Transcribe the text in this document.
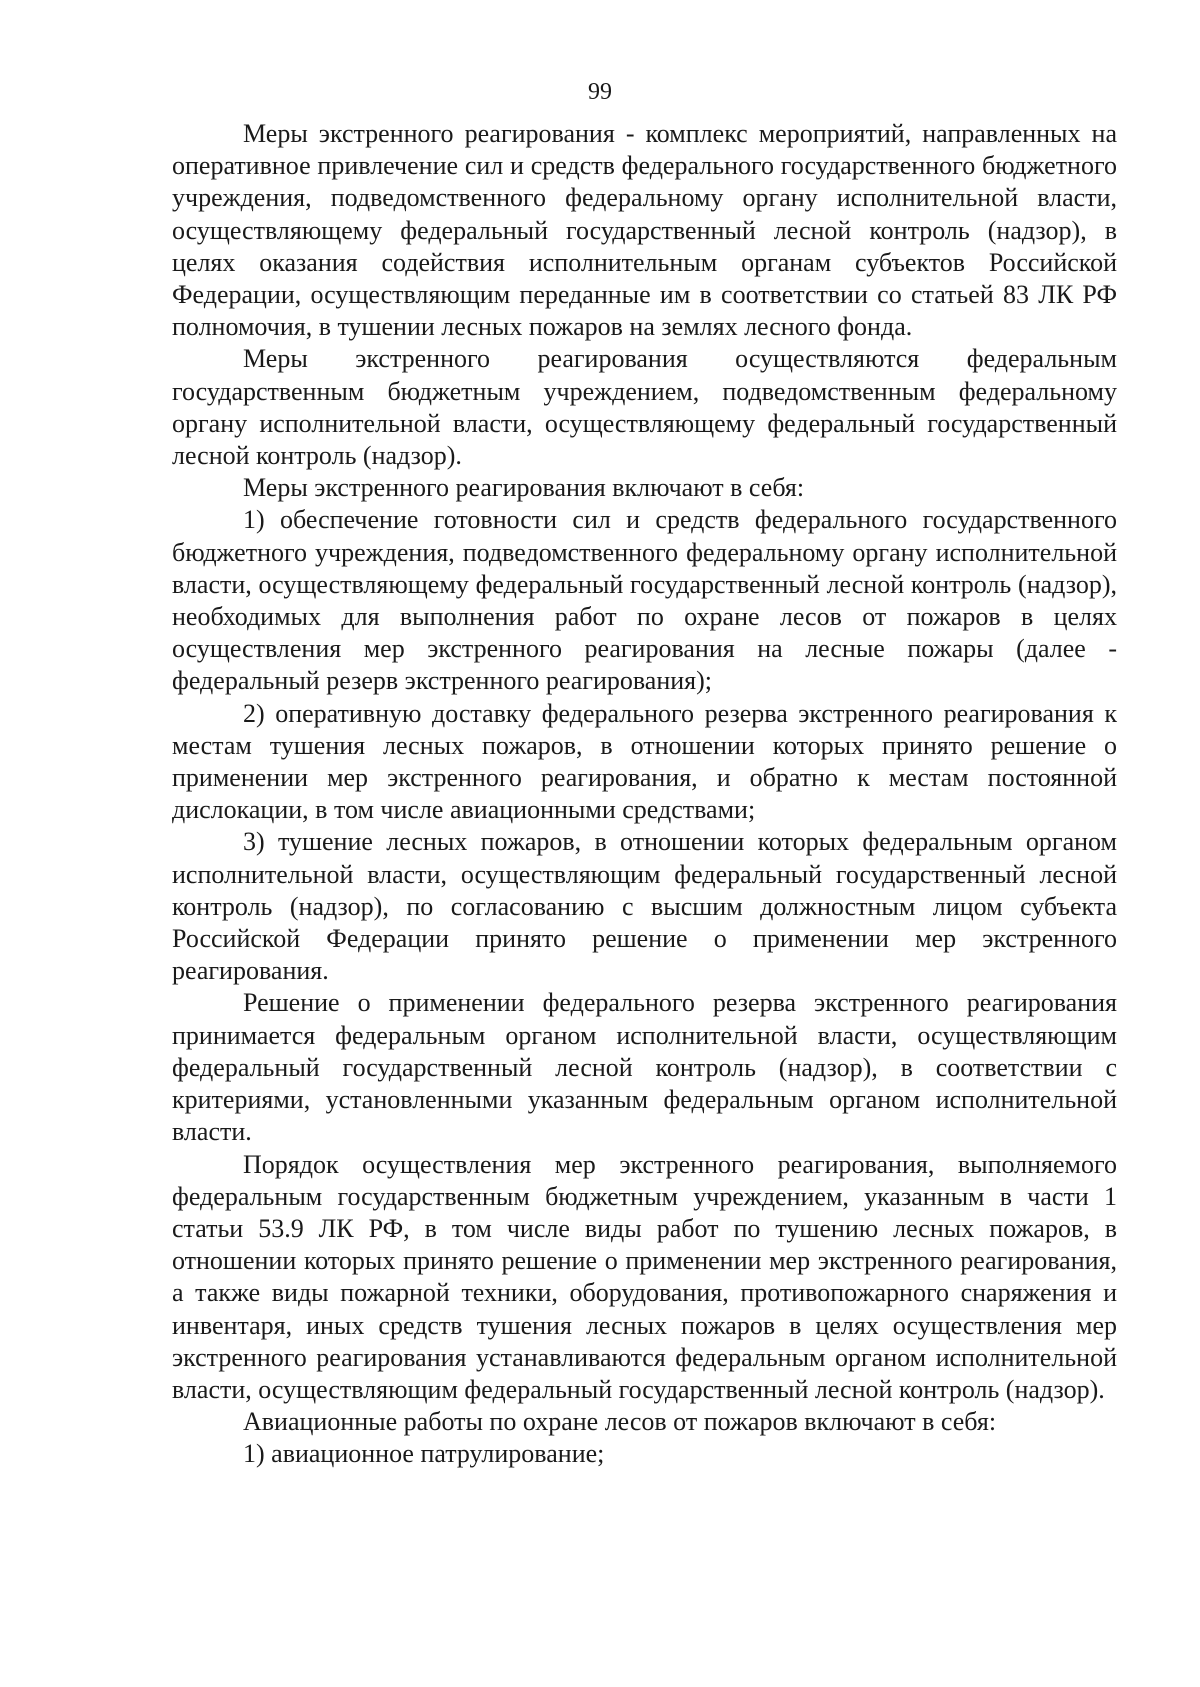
99

Меры экстренного реагирования - комплекс мероприятий, направленных на оперативное привлечение сил и средств федерального государственного бюджетного учреждения, подведомственного федеральному органу исполнительной власти, осуществляющему федеральный государственный лесной контроль (надзор), в целях оказания содействия исполнительным органам субъектов Российской Федерации, осуществляющим переданные им в соответствии со статьей 83 ЛК РФ полномочия, в тушении лесных пожаров на землях лесного фонда.

Меры экстренного реагирования осуществляются федеральным государственным бюджетным учреждением, подведомственным федеральному органу исполнительной власти, осуществляющему федеральный государственный лесной контроль (надзор).

Меры экстренного реагирования включают в себя:

1) обеспечение готовности сил и средств федерального государственного бюджетного учреждения, подведомственного федеральному органу исполнительной власти, осуществляющему федеральный государственный лесной контроль (надзор), необходимых для выполнения работ по охране лесов от пожаров в целях осуществления мер экстренного реагирования на лесные пожары (далее - федеральный резерв экстренного реагирования);

2) оперативную доставку федерального резерва экстренного реагирования к местам тушения лесных пожаров, в отношении которых принято решение о применении мер экстренного реагирования, и обратно к местам постоянной дислокации, в том числе авиационными средствами;

3) тушение лесных пожаров, в отношении которых федеральным органом исполнительной власти, осуществляющим федеральный государственный лесной контроль (надзор), по согласованию с высшим должностным лицом субъекта Российской Федерации принято решение о применении мер экстренного реагирования.

Решение о применении федерального резерва экстренного реагирования принимается федеральным органом исполнительной власти, осуществляющим федеральный государственный лесной контроль (надзор), в соответствии с критериями, установленными указанным федеральным органом исполнительной власти.

Порядок осуществления мер экстренного реагирования, выполняемого федеральным государственным бюджетным учреждением, указанным в части 1 статьи 53.9 ЛК РФ, в том числе виды работ по тушению лесных пожаров, в отношении которых принято решение о применении мер экстренного реагирования, а также виды пожарной техники, оборудования, противопожарного снаряжения и инвентаря, иных средств тушения лесных пожаров в целях осуществления мер экстренного реагирования устанавливаются федеральным органом исполнительной власти, осуществляющим федеральный государственный лесной контроль (надзор).

Авиационные работы по охране лесов от пожаров включают в себя:

1) авиационное патрулирование;
